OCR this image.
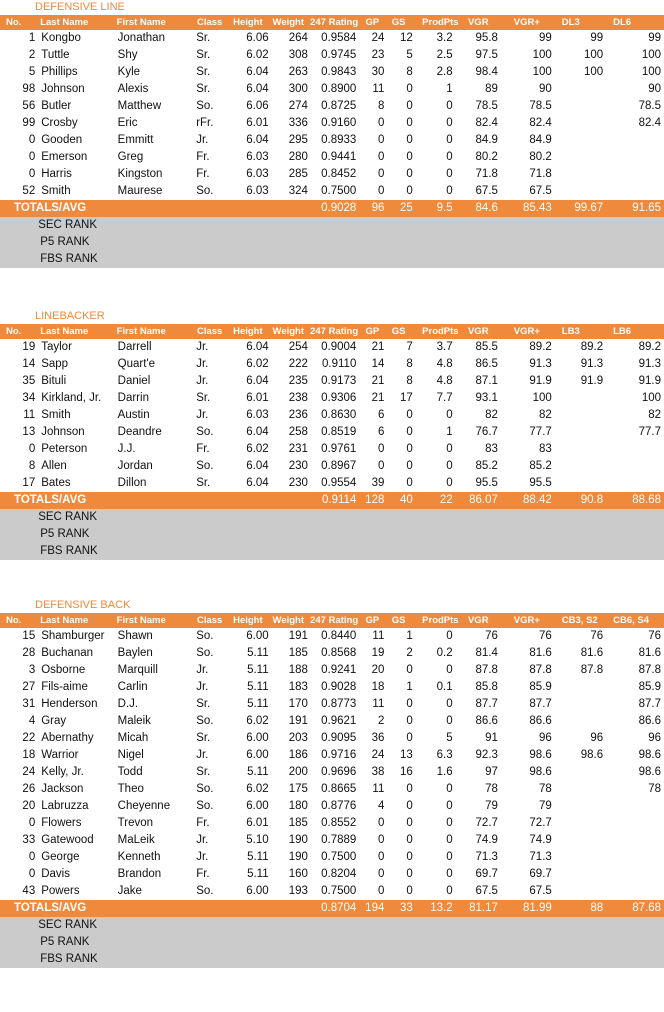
DEFENSIVE LINE
No.	Last Name	First Name	Class	Height	Weight	247 Rating	GP	GS	ProdPts	VGR	VGR+	DL3	DL6
1	Kongbo	Jonathan	Sr.	6.06	264	0.9584	24	12	3.2	95.8	99	99	99
2	Tuttle	Shy	Sr.	6.02	308	0.9745	23	5	2.5	97.5	100	100	100
5	Phillips	Kyle	Sr.	6.04	263	0.9843	30	8	2.8	98.4	100	100	100
98	Johnson	Alexis	Sr.	6.04	300	0.8900	11	0	1	89	90		90
56	Butler	Matthew	So.	6.06	274	0.8725	8	0	0	78.5	78.5		78.5
99	Crosby	Eric	rFr.	6.01	336	0.9160	0	0	0	82.4	82.4		82.4
0	Gooden	Emmitt	Jr.	6.04	295	0.8933	0	0	0	84.9	84.9		
0	Emerson	Greg	Fr.	6.03	280	0.9441	0	0	0	80.2	80.2		
0	Harris	Kingston	Fr.	6.03	285	0.8452	0	0	0	71.8	71.8		
52	Smith	Maurese	So.	6.03	324	0.7500	0	0	0	67.5	67.5		
TOTALS/AVG						0.9028	96	25	9.5	84.6	85.43	99.67	91.65
	SEC RANK												
	P5 RANK												
	FBS RANK												
LINEBACKER
No.	Last Name	First Name	Class	Height	Weight	247 Rating	GP	GS	ProdPts	VGR	VGR+	LB3	LB6
19	Taylor	Darrell	Jr.	6.04	254	0.9004	21	7	3.7	85.5	89.2	89.2	89.2
14	Sapp	Quart'e	Jr.	6.02	222	0.9110	14	8	4.8	86.5	91.3	91.3	91.3
35	Bituli	Daniel	Jr.	6.04	235	0.9173	21	8	4.8	87.1	91.9	91.9	91.9
34	Kirkland, Jr.	Darrin	Sr.	6.01	238	0.9306	21	17	7.7	93.1	100		100
11	Smith	Austin	Jr.	6.03	236	0.8630	6	0	0	82	82		82
13	Johnson	Deandre	So.	6.04	258	0.8519	6	0	1	76.7	77.7		77.7
0	Peterson	J.J.	Fr.	6.02	231	0.9761	0	0	0	83	83		
8	Allen	Jordan	So.	6.04	230	0.8967	0	0	0	85.2	85.2		
17	Bates	Dillon	Sr.	6.04	230	0.9554	39	0	0	95.5	95.5		
TOTALS/AVG						0.9114	128	40	22	86.07	88.42	90.8	88.68
	SEC RANK												
	P5 RANK												
	FBS RANK												
DEFENSIVE BACK
No.	Last Name	First Name	Class	Height	Weight	247 Rating	GP	GS	ProdPts	VGR	VGR+	CB3, S2	CB6, S4
15	Shamburger	Shawn	So.	6.00	191	0.8440	11	1	0	76	76	76	76
28	Buchanan	Baylen	So.	5.11	185	0.8568	19	2	0.2	81.4	81.6	81.6	81.6
3	Osborne	Marquill	Jr.	5.11	188	0.9241	20	0	0	87.8	87.8	87.8	87.8
27	Fils-aime	Carlin	Jr.	5.11	183	0.9028	18	1	0.1	85.8	85.9		85.9
31	Henderson	D.J.	Sr.	5.11	170	0.8773	11	0	0	87.7	87.7		87.7
4	Gray	Maleik	So.	6.02	191	0.9621	2	0	0	86.6	86.6		86.6
22	Abernathy	Micah	Sr.	6.00	203	0.9095	36	0	5	91	96	96	96
18	Warrior	Nigel	Jr.	6.00	186	0.9716	24	13	6.3	92.3	98.6	98.6	98.6
24	Kelly, Jr.	Todd	Sr.	5.11	200	0.9696	38	16	1.6	97	98.6		98.6
26	Jackson	Theo	So.	6.02	175	0.8665	11	0	0	78	78		78
20	Labruzza	Cheyenne	So.	6.00	180	0.8776	4	0	0	79	79		
0	Flowers	Trevon	Fr.	6.01	185	0.8552	0	0	0	72.7	72.7		
33	Gatewood	MaLeik	Jr.	5.10	190	0.7889	0	0	0	74.9	74.9		
0	George	Kenneth	Jr.	5.11	190	0.7500	0	0	0	71.3	71.3		
0	Davis	Brandon	Fr.	5.11	160	0.8204	0	0	0	69.7	69.7		
43	Powers	Jake	So.	6.00	193	0.7500	0	0	0	67.5	67.5		
TOTALS/AVG						0.8704	194	33	13.2	81.17	81.99	88	87.68
	SEC RANK												
	P5 RANK												
	FBS RANK												
